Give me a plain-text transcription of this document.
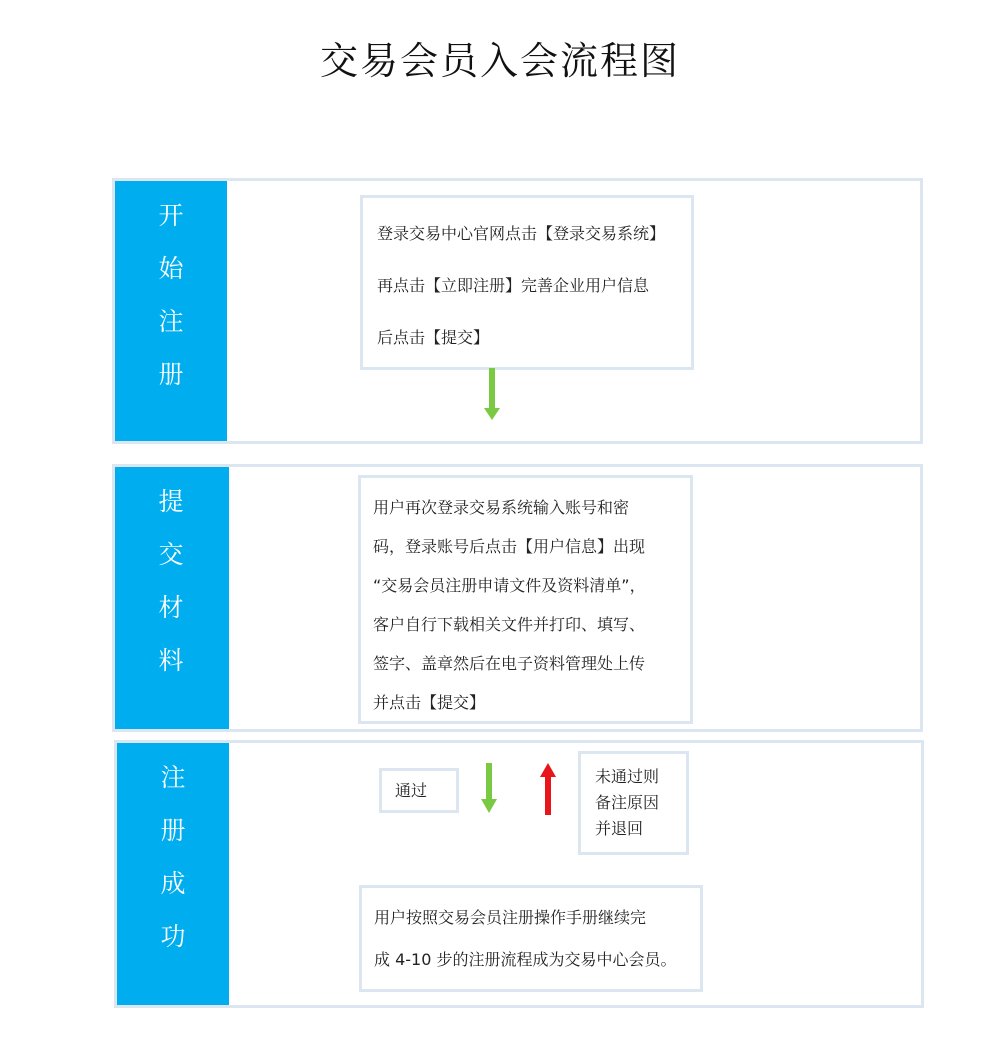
交易会员入会流程图
开
始
注
册
登录交易中心官网点击【登录交易系统】
再点击【立即注册】完善企业用户信息
后点击【提交】
提
交
材
料
用户再次登录交易系统输入账号和密
码，登录账号后点击【用户信息】出现
“交易会员注册申请文件及资料清单”，
客户自行下载相关文件并打印、填写、
签字、盖章然后在电子资料管理处上传
并点击【提交】
注
册
成
功
通过
未通过则
备注原因
并退回
用户按照交易会员注册操作手册继续完
成 4-10 步的注册流程成为交易中心会员。
